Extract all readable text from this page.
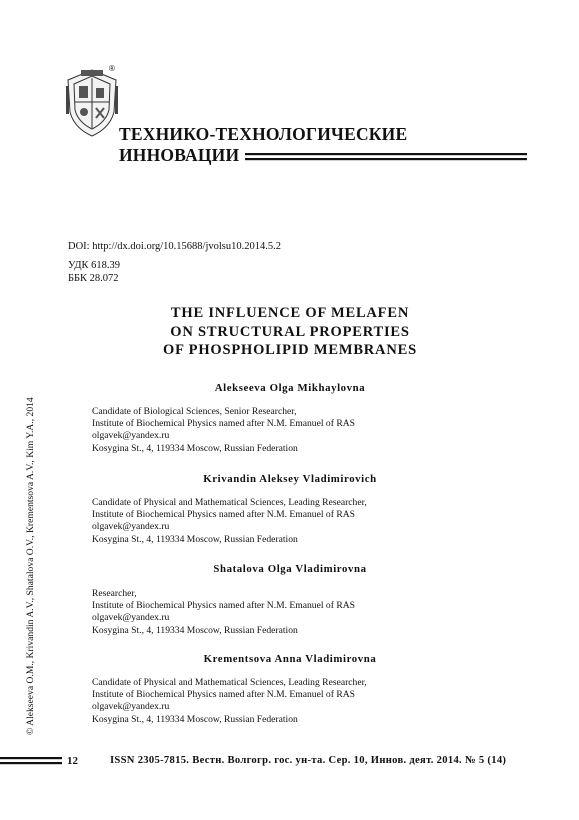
®
ТЕХНИКО-ТЕХНОЛОГИЧЕСКИЕ
ИННОВАЦИИ
DOI: http://dx.doi.org/10.15688/jvolsu10.2014.5.2
УДК 618.39
ББК 28.072
THE INFLUENCE OF MELAFEN
ON STRUCTURAL PROPERTIES
OF PHOSPHOLIPID MEMBRANES
Alekseeva Olga Mikhaylovna
Candidate of Biological Sciences, Senior Researcher,
Institute of Biochemical Physics named after N.M. Emanuel of RAS
olgavek@yandex.ru
Kosygina St., 4, 119334 Moscow, Russian Federation
Krivandin Aleksey Vladimirovich
Candidate of Physical and Mathematical Sciences, Leading Researcher,
Institute of Biochemical Physics named after N.M. Emanuel of RAS
olgavek@yandex.ru
Kosygina St., 4, 119334 Moscow, Russian Federation
Shatalova Olga Vladimirovna
Researcher,
Institute of Biochemical Physics named after N.M. Emanuel of RAS
olgavek@yandex.ru
Kosygina St., 4, 119334 Moscow, Russian Federation
Krementsova Anna Vladimirovna
Candidate of Physical and Mathematical Sciences, Leading Researcher,
Institute of Biochemical Physics named after N.M. Emanuel of RAS
olgavek@yandex.ru
Kosygina St., 4, 119334 Moscow, Russian Federation
© Alekseeva O.M., Krivandin A.V., Shatalova O.V., Krementsova A.V., Kim Y.A., 2014
12	ISSN 2305-7815. Вестн. Волгогр. гос. ун-та. Сер. 10, Иннов. деят. 2014. № 5 (14)
